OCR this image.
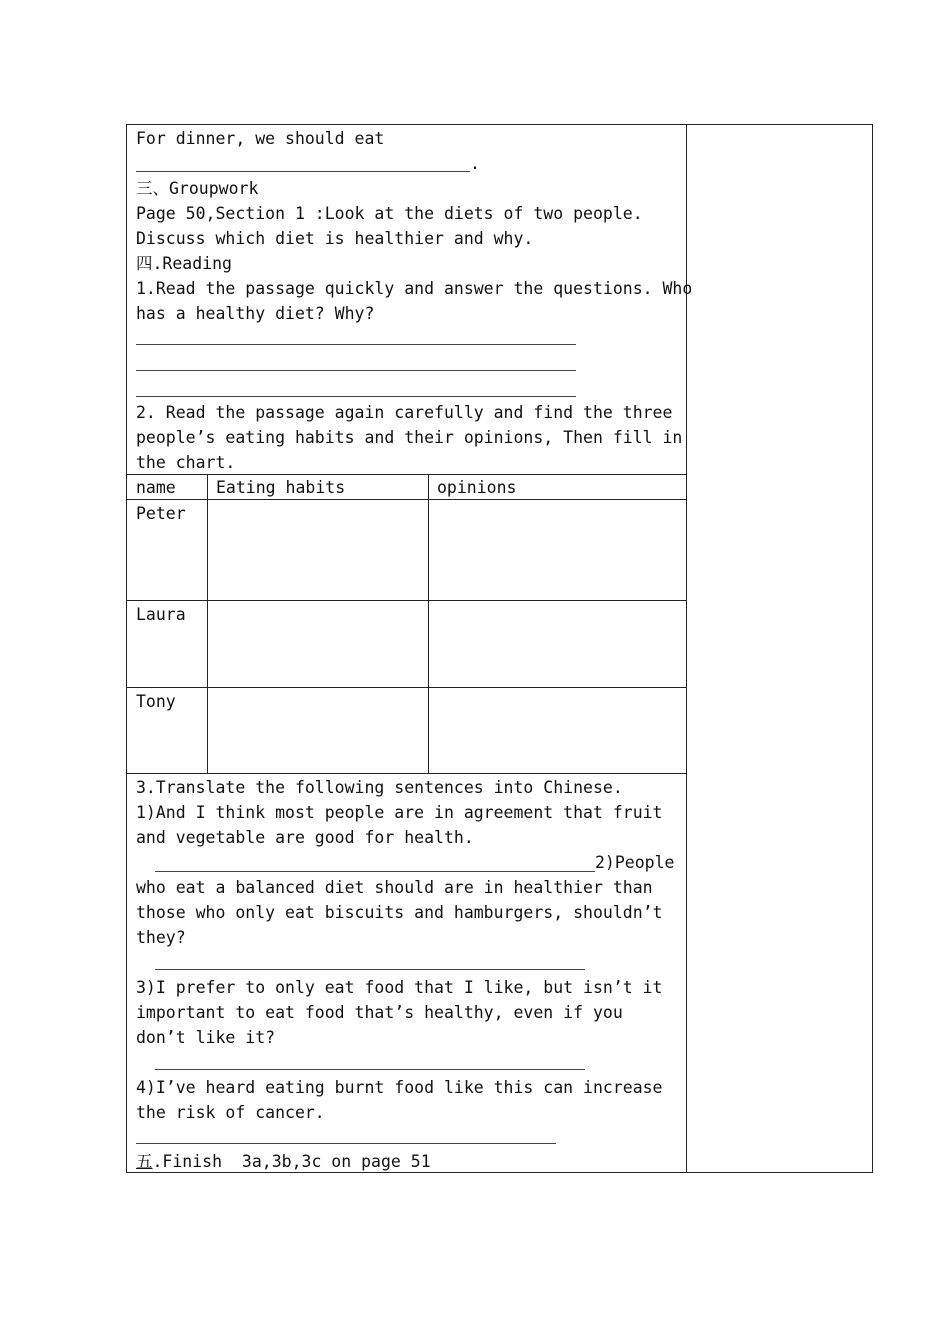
For dinner, we should eat
.
三、Groupwork
Page 50,Section 1 :Look at the diets of two people.
Discuss which diet is healthier and why.
四.Reading
1.Read the passage quickly and answer the questions. Who
has a healthy diet? Why?
2. Read the passage again carefully and find the three
people’s eating habits and their opinions, Then fill in
the chart.
name Eating habits	opinions
Peter
Laura
Tony
3.Translate the following sentences into Chinese.
1)And I think most people are in agreement that fruit
and vegetable are good for health.
2)People
who eat a balanced diet should are in healthier than
those who only eat biscuits and hamburgers, shouldn’t
they?
3)I prefer to only eat food that I like, but isn’t it
important to eat food that’s healthy, even if you
don’t like it?
4)I’ve heard eating burnt food like this can increase
the risk of cancer.
五.Finish  3a,3b,3c on page 51
